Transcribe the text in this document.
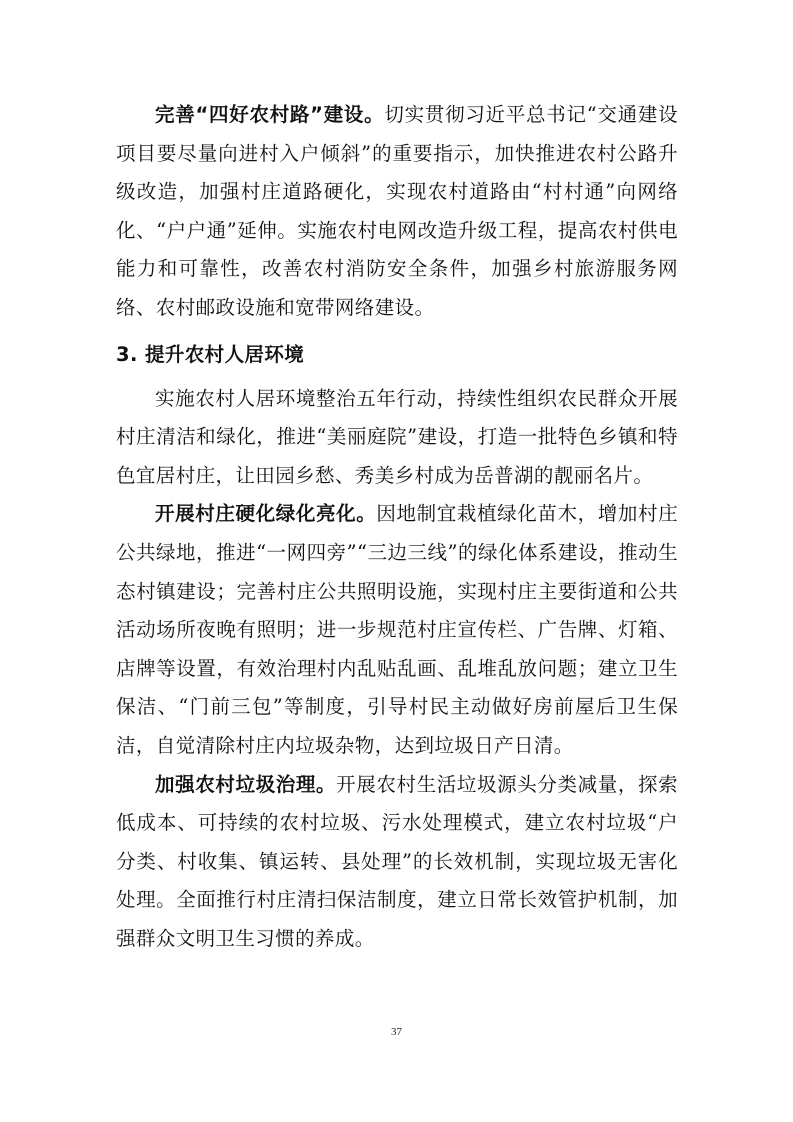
完善“四好农村路”建设。切实贯彻习近平总书记“交通建设项目要尽量向进村入户倾斜”的重要指示，加快推进农村公路升级改造，加强村庄道路硬化，实现农村道路由“村村通”向网络化、“户户通”延伸。实施农村电网改造升级工程，提高农村供电能力和可靠性，改善农村消防安全条件，加强乡村旅游服务网络、农村邮政设施和宽带网络建设。

3. 提升农村人居环境

实施农村人居环境整治五年行动，持续性组织农民群众开展村庄清洁和绿化，推进“美丽庭院”建设，打造一批特色乡镇和特色宜居村庄，让田园乡愁、秀美乡村成为岳普湖的靓丽名片。

开展村庄硬化绿化亮化。因地制宜栽植绿化苗木，增加村庄公共绿地，推进“一网四旁”“三边三线”的绿化体系建设，推动生态村镇建设；完善村庄公共照明设施，实现村庄主要街道和公共活动场所夜晚有照明；进一步规范村庄宣传栏、广告牌、灯箱、店牌等设置，有效治理村内乱贴乱画、乱堆乱放问题；建立卫生保洁、“门前三包”等制度，引导村民主动做好房前屋后卫生保洁，自觉清除村庄内垃圾杂物，达到垃圾日产日清。

加强农村垃圾治理。开展农村生活垃圾源头分类减量，探索低成本、可持续的农村垃圾、污水处理模式，建立农村垃圾“户分类、村收集、镇运转、县处理”的长效机制，实现垃圾无害化处理。全面推行村庄清扫保洁制度，建立日常长效管护机制，加强群众文明卫生习惯的养成。

37
